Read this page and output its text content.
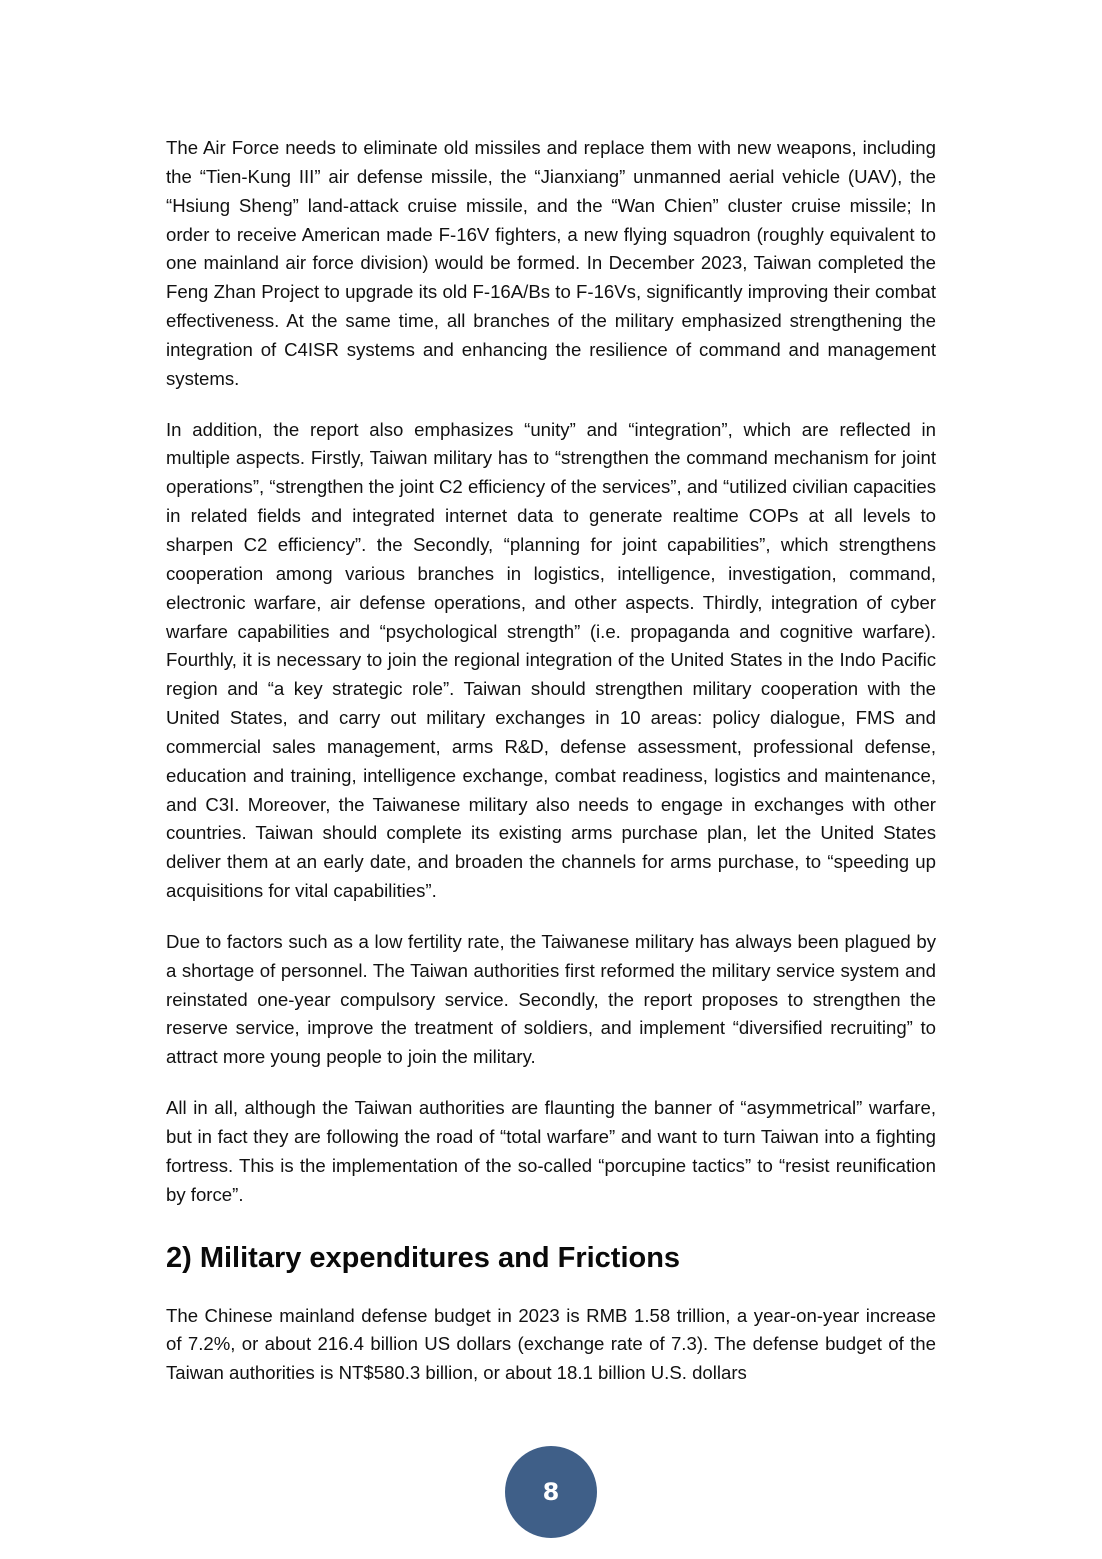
The Air Force needs to eliminate old missiles and replace them with new weapons, including the “Tien-Kung III” air defense missile, the “Jianxiang” unmanned aerial vehicle (UAV), the “Hsiung Sheng” land-attack cruise missile, and the “Wan Chien” cluster cruise missile; In order to receive American made F-16V fighters, a new flying squadron (roughly equivalent to one mainland air force division) would be formed. In December 2023, Taiwan completed the Feng Zhan Project to upgrade its old F-16A/Bs to F-16Vs, significantly improving their combat effectiveness. At the same time, all branches of the military emphasized strengthening the integration of C4ISR systems and enhancing the resilience of command and management systems.

In addition, the report also emphasizes “unity” and “integration”, which are reflected in multiple aspects. Firstly, Taiwan military has to “strengthen the command mechanism for joint operations”, “strengthen the joint C2 efficiency of the services”, and “utilized civilian capacities in related fields and integrated internet data to generate realtime COPs at all levels to sharpen C2 efficiency”. the Secondly, “planning for joint capabilities”, which strengthens cooperation among various branches in logistics, intelligence, investigation, command, electronic warfare, air defense operations, and other aspects. Thirdly, integration of cyber warfare capabilities and “psychological strength” (i.e. propaganda and cognitive warfare). Fourthly, it is necessary to join the regional integration of the United States in the Indo Pacific region and “a key strategic role”. Taiwan should strengthen military cooperation with the United States, and carry out military exchanges in 10 areas: policy dialogue, FMS and commercial sales management, arms R&D, defense assessment, professional defense, education and training, intelligence exchange, combat readiness, logistics and maintenance, and C3I. Moreover, the Taiwanese military also needs to engage in exchanges with other countries. Taiwan should complete its existing arms purchase plan, let the United States deliver them at an early date, and broaden the channels for arms purchase, to “speeding up acquisitions for vital capabilities”.

Due to factors such as a low fertility rate, the Taiwanese military has always been plagued by a shortage of personnel. The Taiwan authorities first reformed the military service system and reinstated one-year compulsory service. Secondly, the report proposes to strengthen the reserve service, improve the treatment of soldiers, and implement “diversified recruiting” to attract more young people to join the military.

All in all, although the Taiwan authorities are flaunting the banner of “asymmetrical” warfare, but in fact they are following the road of “total warfare” and want to turn Taiwan into a fighting fortress. This is the implementation of the so-called “porcupine tactics” to “resist reunification by force”.

2) Military expenditures and Frictions

The Chinese mainland defense budget in 2023 is RMB 1.58 trillion, a year-on-year increase of 7.2%, or about 216.4 billion US dollars (exchange rate of 7.3). The defense budget of the Taiwan authorities is NT$580.3 billion, or about 18.1 billion U.S. dollars

8
